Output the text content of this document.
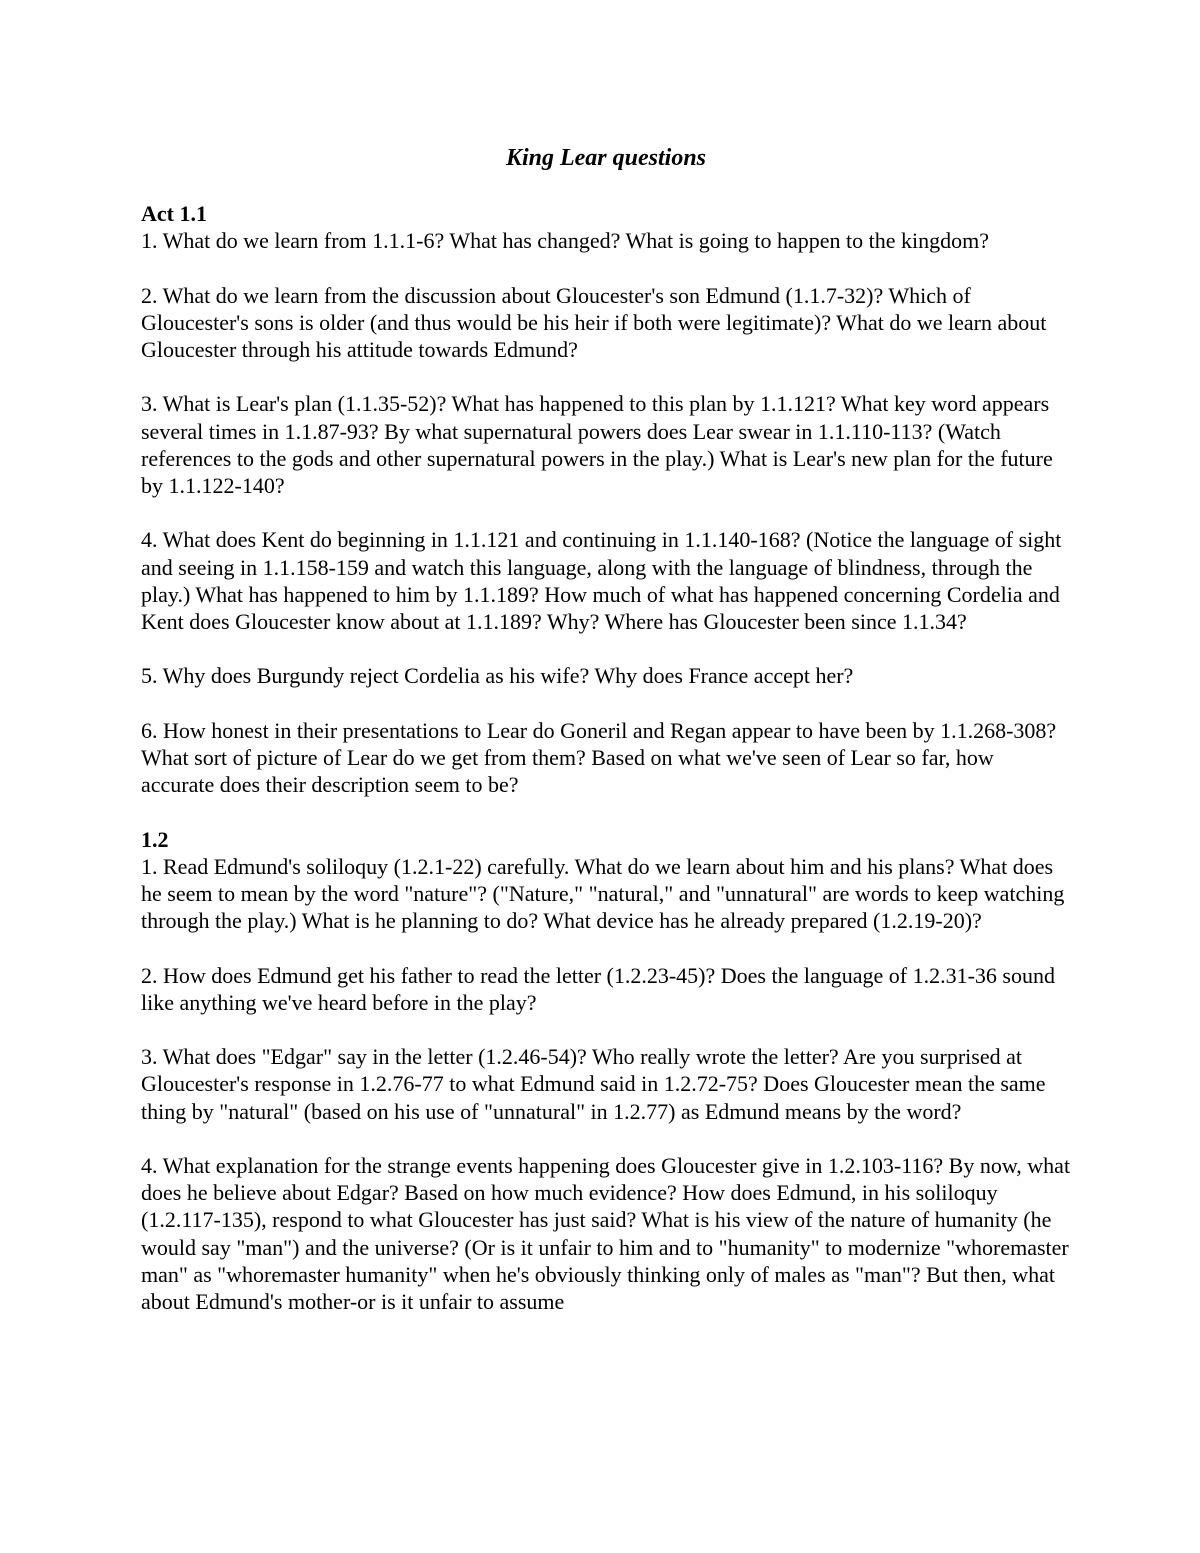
King Lear questions
Act 1.1

1. What do we learn from 1.1.1-6? What has changed? What is going to happen to the kingdom?

2. What do we learn from the discussion about Gloucester's son Edmund (1.1.7-32)? Which of Gloucester's sons is older (and thus would be his heir if both were legitimate)? What do we learn about Gloucester through his attitude towards Edmund?

3. What is Lear's plan (1.1.35-52)? What has happened to this plan by 1.1.121? What key word appears several times in 1.1.87-93? By what supernatural powers does Lear swear in 1.1.110-113? (Watch references to the gods and other supernatural powers in the play.) What is Lear's new plan for the future by 1.1.122-140?

4. What does Kent do beginning in 1.1.121 and continuing in 1.1.140-168? (Notice the language of sight and seeing in 1.1.158-159 and watch this language, along with the language of blindness, through the play.) What has happened to him by 1.1.189? How much of what has happened concerning Cordelia and Kent does Gloucester know about at 1.1.189? Why? Where has Gloucester been since 1.1.34?

5. Why does Burgundy reject Cordelia as his wife? Why does France accept her?

6. How honest in their presentations to Lear do Goneril and Regan appear to have been by 1.1.268-308? What sort of picture of Lear do we get from them? Based on what we've seen of Lear so far, how accurate does their description seem to be?

1.2

1. Read Edmund's soliloquy (1.2.1-22) carefully. What do we learn about him and his plans? What does he seem to mean by the word "nature"? ("Nature," "natural," and "unnatural" are words to keep watching through the play.) What is he planning to do? What device has he already prepared (1.2.19-20)?

2. How does Edmund get his father to read the letter (1.2.23-45)? Does the language of 1.2.31-36 sound like anything we've heard before in the play?

3. What does "Edgar" say in the letter (1.2.46-54)? Who really wrote the letter? Are you surprised at Gloucester's response in 1.2.76-77 to what Edmund said in 1.2.72-75? Does Gloucester mean the same thing by "natural" (based on his use of "unnatural" in 1.2.77) as Edmund means by the word?

4. What explanation for the strange events happening does Gloucester give in 1.2.103-116? By now, what does he believe about Edgar? Based on how much evidence? How does Edmund, in his soliloquy (1.2.117-135), respond to what Gloucester has just said? What is his view of the nature of humanity (he would say "man") and the universe? (Or is it unfair to him and to "humanity" to modernize "whoremaster man" as "whoremaster humanity" when he's obviously thinking only of males as "man"? But then, what about Edmund's mother-or is it unfair to assume
